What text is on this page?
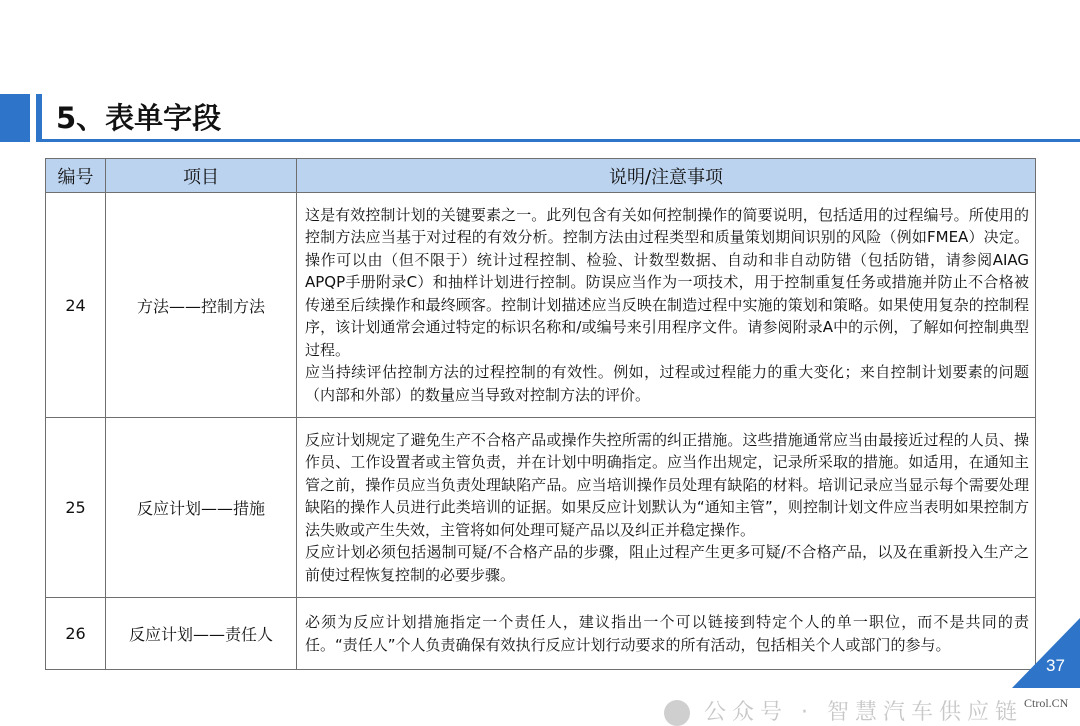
5、表单字段
编号	项目	说明/注意事项
24	方法——控制方法	这是有效控制计划的关键要素之一。此列包含有关如何控制操作的简要说明，包括适用的过程编号。所使用的控制方法应当基于对过程的有效分析。控制方法由过程类型和质量策划期间识别的风险（例如FMEA）决定。操作可以由（但不限于）统计过程控制、检验、计数型数据、自动和非自动防错（包括防错，请参阅AIAG APQP手册附录C）和抽样计划进行控制。防误应当作为一项技术，用于控制重复任务或措施并防止不合格被传递至后续操作和最终顾客。控制计划描述应当反映在制造过程中实施的策划和策略。如果使用复杂的控制程序，该计划通常会通过特定的标识名称和/或编号来引用程序文件。请参阅附录A中的示例，了解如何控制典型过程。
应当持续评估控制方法的过程控制的有效性。例如，过程或过程能力的重大变化；来自控制计划要素的问题（内部和外部）的数量应当导致对控制方法的评价。

25	反应计划——措施	反应计划规定了避免生产不合格产品或操作失控所需的纠正措施。这些措施通常应当由最接近过程的人员、操作员、工作设置者或主管负责，并在计划中明确指定。应当作出规定，记录所采取的措施。如适用，在通知主管之前，操作员应当负责处理缺陷产品。应当培训操作员处理有缺陷的材料。培训记录应当显示每个需要处理缺陷的操作人员进行此类培训的证据。如果反应计划默认为“通知主管”，则控制计划文件应当表明如果控制方法失败或产生失效，主管将如何处理可疑产品以及纠正并稳定操作。
反应计划必须包括遏制可疑/不合格产品的步骤，阻止过程产生更多可疑/不合格产品，以及在重新投入生产之前使过程恢复控制的必要步骤。

26	反应计划——责任人	必须为反应计划措施指定一个责任人，建议指出一个可以链接到特定个人的单一职位，而不是共同的责任。“责任人”个人负责确保有效执行反应计划行动要求的所有活动，包括相关个人或部门的参与。
37
公众号 · 智慧汽车供应链 Ctrol.CN
